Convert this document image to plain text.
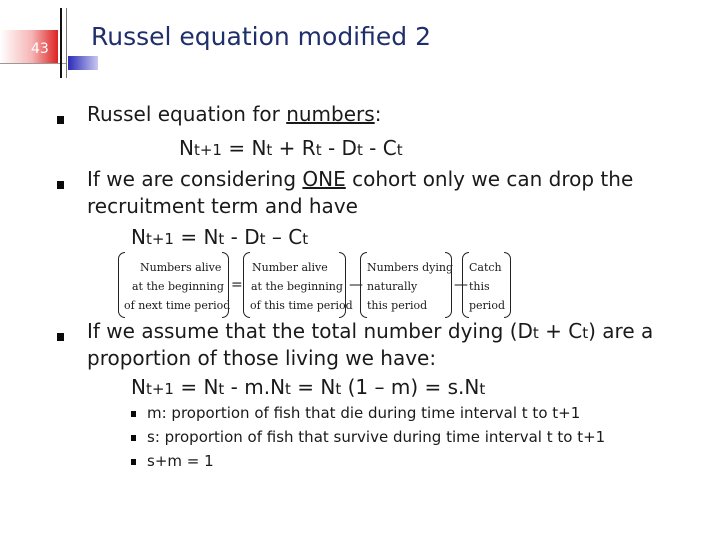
43 Russel equation modified 2
Russel equation for numbers:
Nt+1 = Nt + Rt - Dt - Ct
If we are considering ONE cohort only we can drop the
recruitment term and have
Nt+1 = Nt - Dt – Ct
Numbers alive
at the beginning
of next time period
=
Number alive
at the beginning
of this time period
—
Numbers dying
naturally
this period
—
Catch
this
period
If we assume that the total number dying (Dt + Ct) are a
proportion of those living we have:
Nt+1 = Nt - m.Nt = Nt (1 – m) = s.Nt
m: proportion of fish that die during time interval t to t+1
s: proportion of fish that survive during time interval t to t+1
s+m = 1
